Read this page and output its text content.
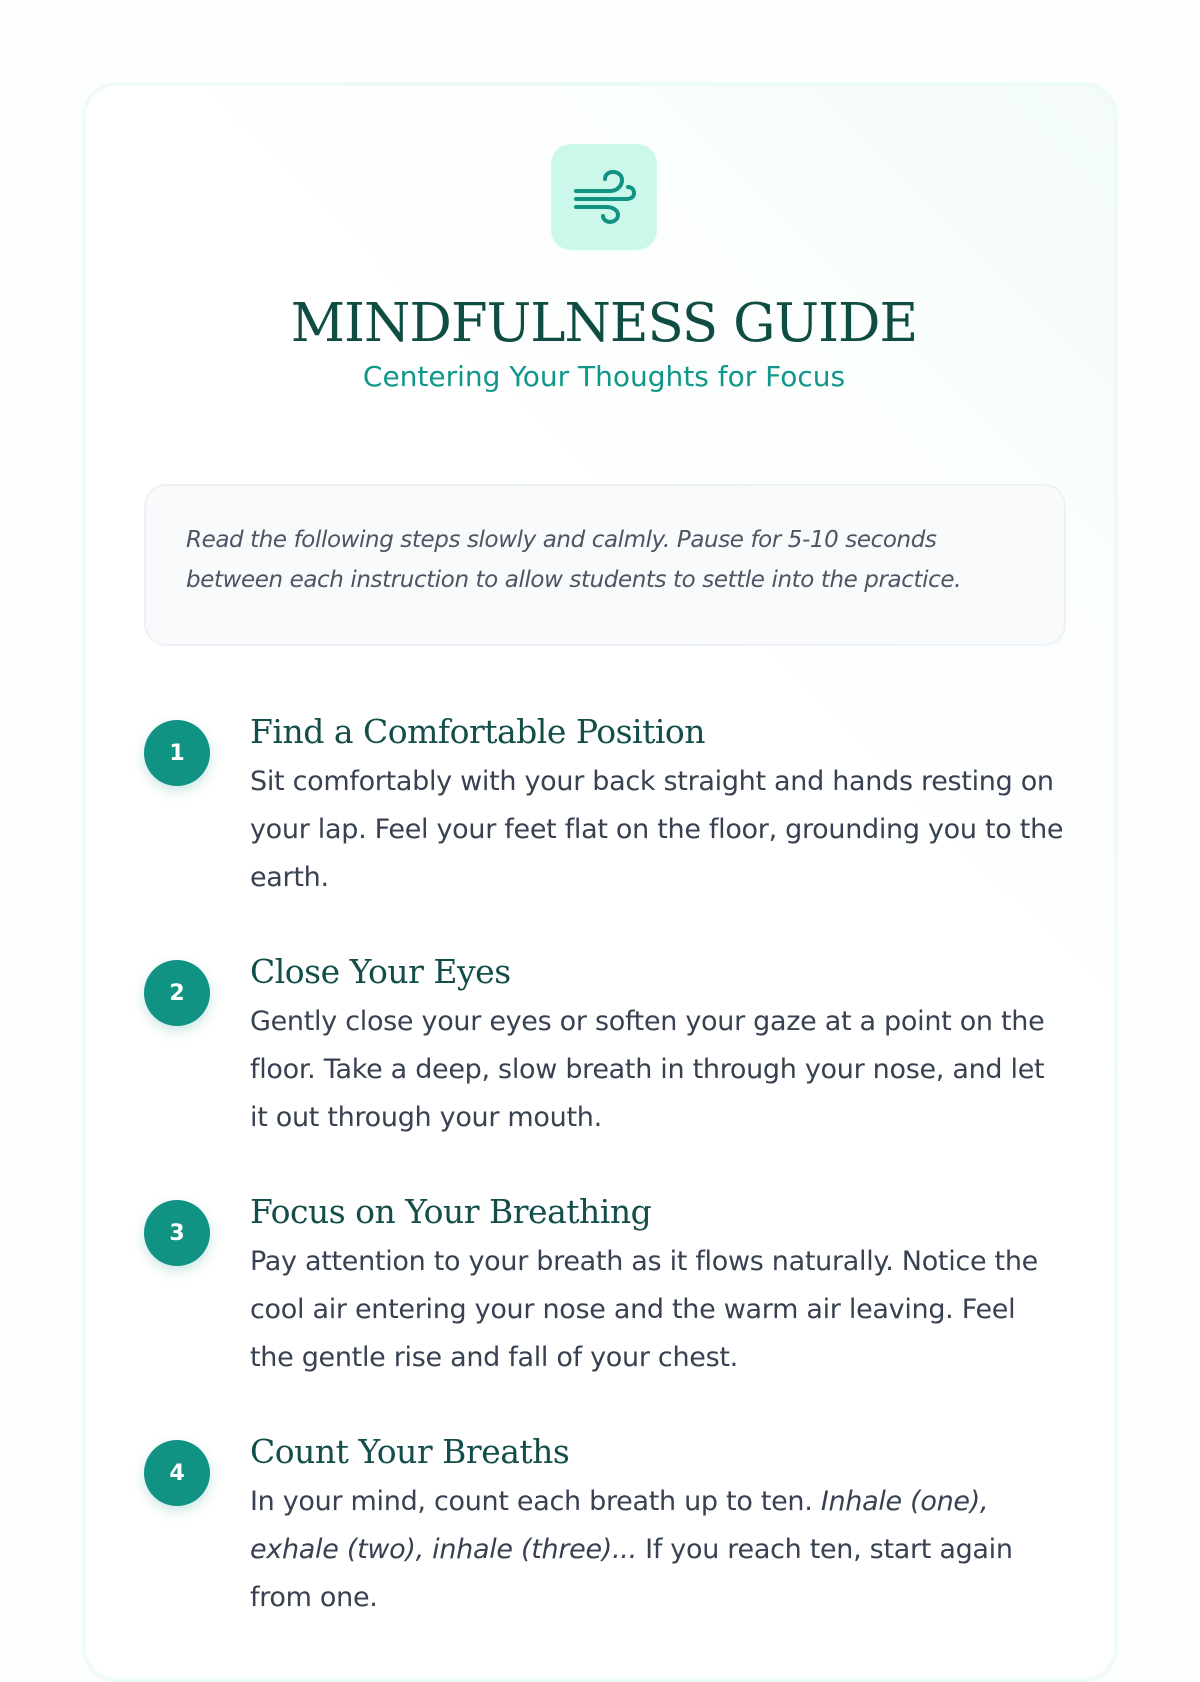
MINDFULNESS GUIDE

Centering Your Thoughts for Focus

Read the following steps slowly and calmly. Pause for 5-10 seconds between each instruction to allow students to settle into the practice.

1
Find a Comfortable Position

Sit comfortably with your back straight and hands resting on your lap. Feel your feet flat on the floor, grounding you to the earth.

2
Close Your Eyes

Gently close your eyes or soften your gaze at a point on the floor. Take a deep, slow breath in through your nose, and let it out through your mouth.

3
Focus on Your Breathing

Pay attention to your breath as it flows naturally. Notice the cool air entering your nose and the warm air leaving. Feel the gentle rise and fall of your chest.

4
Count Your Breaths

In your mind, count each breath up to ten. Inhale (one), exhale (two), inhale (three)... If you reach ten, start again from one.
